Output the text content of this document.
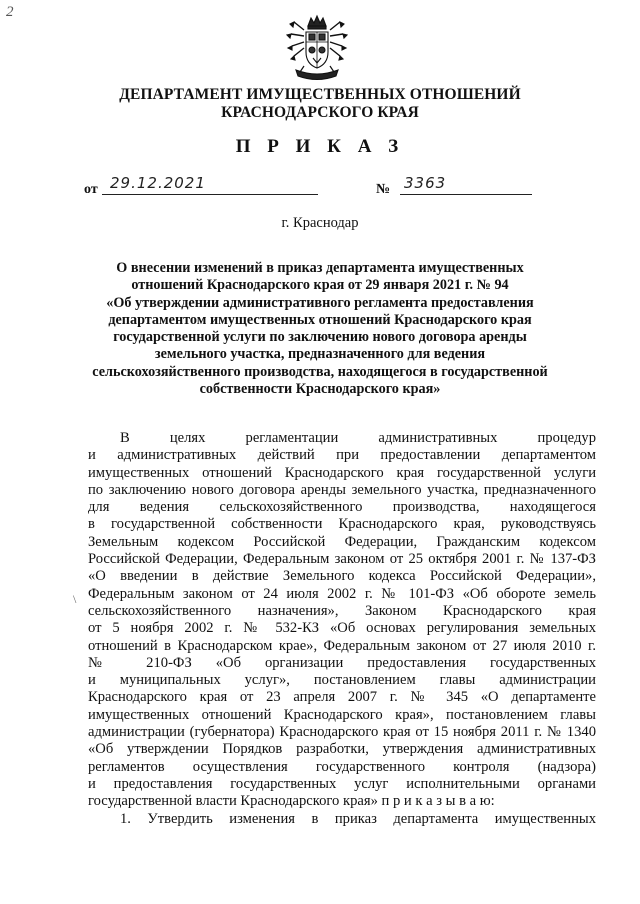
2
ДЕПАРТАМЕНТ ИМУЩЕСТВЕННЫХ ОТНОШЕНИЙ
КРАСНОДАРСКОГО КРАЯ
П Р И К А З
от 29.12.2021	№ 3363
г. Краснодар
О внесении изменений в приказ департамента имущественных
отношений Краснодарского края от 29 января 2021 г. № 94
«Об утверждении административного регламента предоставления
департаментом имущественных отношений Краснодарского края
государственной услуги по заключению нового договора аренды
земельного участка, предназначенного для ведения
сельскохозяйственного производства, находящегося в государственной
собственности Краснодарского края»
\
В целях регламентации административных процедур
и административных действий при предоставлении департаментом
имущественных отношений Краснодарского края государственной услуги
по заключению нового договора аренды земельного участка, предназначенного
для ведения сельскохозяйственного производства, находящегося
в государственной собственности Краснодарского края, руководствуясь
Земельным кодексом Российской Федерации, Гражданским кодексом
Российской Федерации, Федеральным законом от 25 октября 2001 г. № 137-ФЗ
«О введении в действие Земельного кодекса Российской Федерации»,
Федеральным законом от 24 июля 2002 г. № 101-ФЗ «Об обороте земель
сельскохозяйственного назначения», Законом Краснодарского края
от 5 ноября 2002 г. № 532-КЗ «Об основах регулирования земельных
отношений в Краснодарском крае», Федеральным законом от 27 июля 2010 г.
№ 210-ФЗ «Об организации предоставления государственных
и муниципальных услуг», постановлением главы администрации
Краснодарского края от 23 апреля 2007 г. № 345 «О департаменте
имущественных отношений Краснодарского края», постановлением главы
администрации (губернатора) Краснодарского края от 15 ноября 2011 г. № 1340
«Об утверждении Порядков разработки, утверждения административных
регламентов осуществления государственного контроля (надзора)
и предоставления государственных услуг исполнительными органами
государственной власти Краснодарского края» п р и к а з ы в а ю:
1. Утвердить изменения в приказ департамента имущественных
